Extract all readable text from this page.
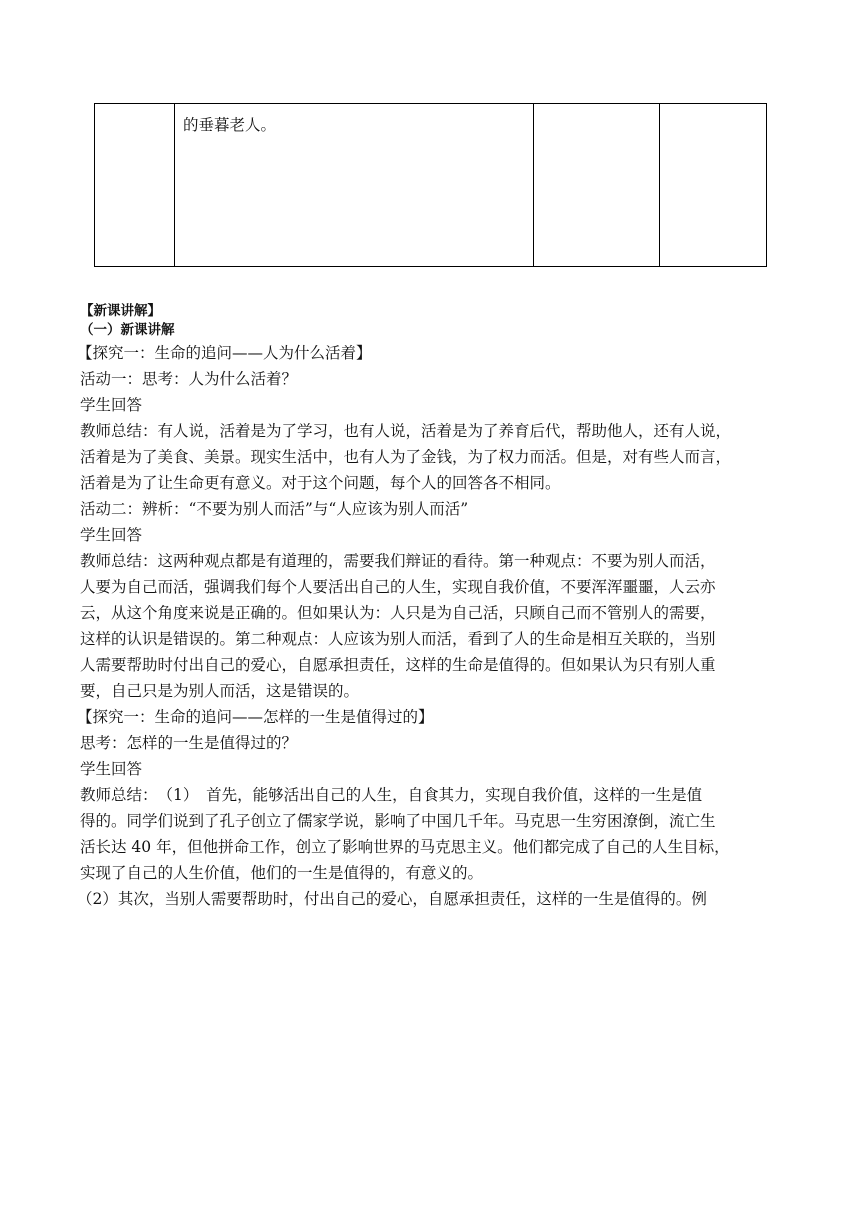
	的垂暮老人。		

【新课讲解】

（一）新课讲解

【探究一：生命的追问——人为什么活着】

活动一：思考：人为什么活着？

学生回答

教师总结：有人说，活着是为了学习，也有人说，活着是为了养育后代，帮助他人，还有人说，

活着是为了美食、美景。现实生活中，也有人为了金钱，为了权力而活。但是，对有些人而言，

活着是为了让生命更有意义。对于这个问题，每个人的回答各不相同。

活动二：辨析：“不要为别人而活”与“人应该为别人而活”

学生回答

教师总结：这两种观点都是有道理的，需要我们辩证的看待。第一种观点：不要为别人而活，

人要为自己而活，强调我们每个人要活出自己的人生，实现自我价值，不要浑浑噩噩，人云亦

云，从这个角度来说是正确的。但如果认为：人只是为自己活，只顾自己而不管别人的需要，

这样的认识是错误的。第二种观点：人应该为别人而活，看到了人的生命是相互关联的，当别

人需要帮助时付出自己的爱心，自愿承担责任，这样的生命是值得的。但如果认为只有别人重

要，自己只是为别人而活，这是错误的。

【探究一：生命的追问——怎样的一生是值得过的】

思考：怎样的一生是值得过的？

学生回答

教师总结：　（1）　首先，能够活出自己的人生，自食其力，实现自我价值，这样的一生是值

得的。同学们说到了孔子创立了儒家学说，影响了中国几千年。马克思一生穷困潦倒，流亡生

活长达 40 年，但他拼命工作，创立了影响世界的马克思主义。他们都完成了自己的人生目标，

实现了自己的人生价值，他们的一生是值得的，有意义的。

（2）其次，当别人需要帮助时，付出自己的爱心，自愿承担责任，这样的一生是值得的。例
